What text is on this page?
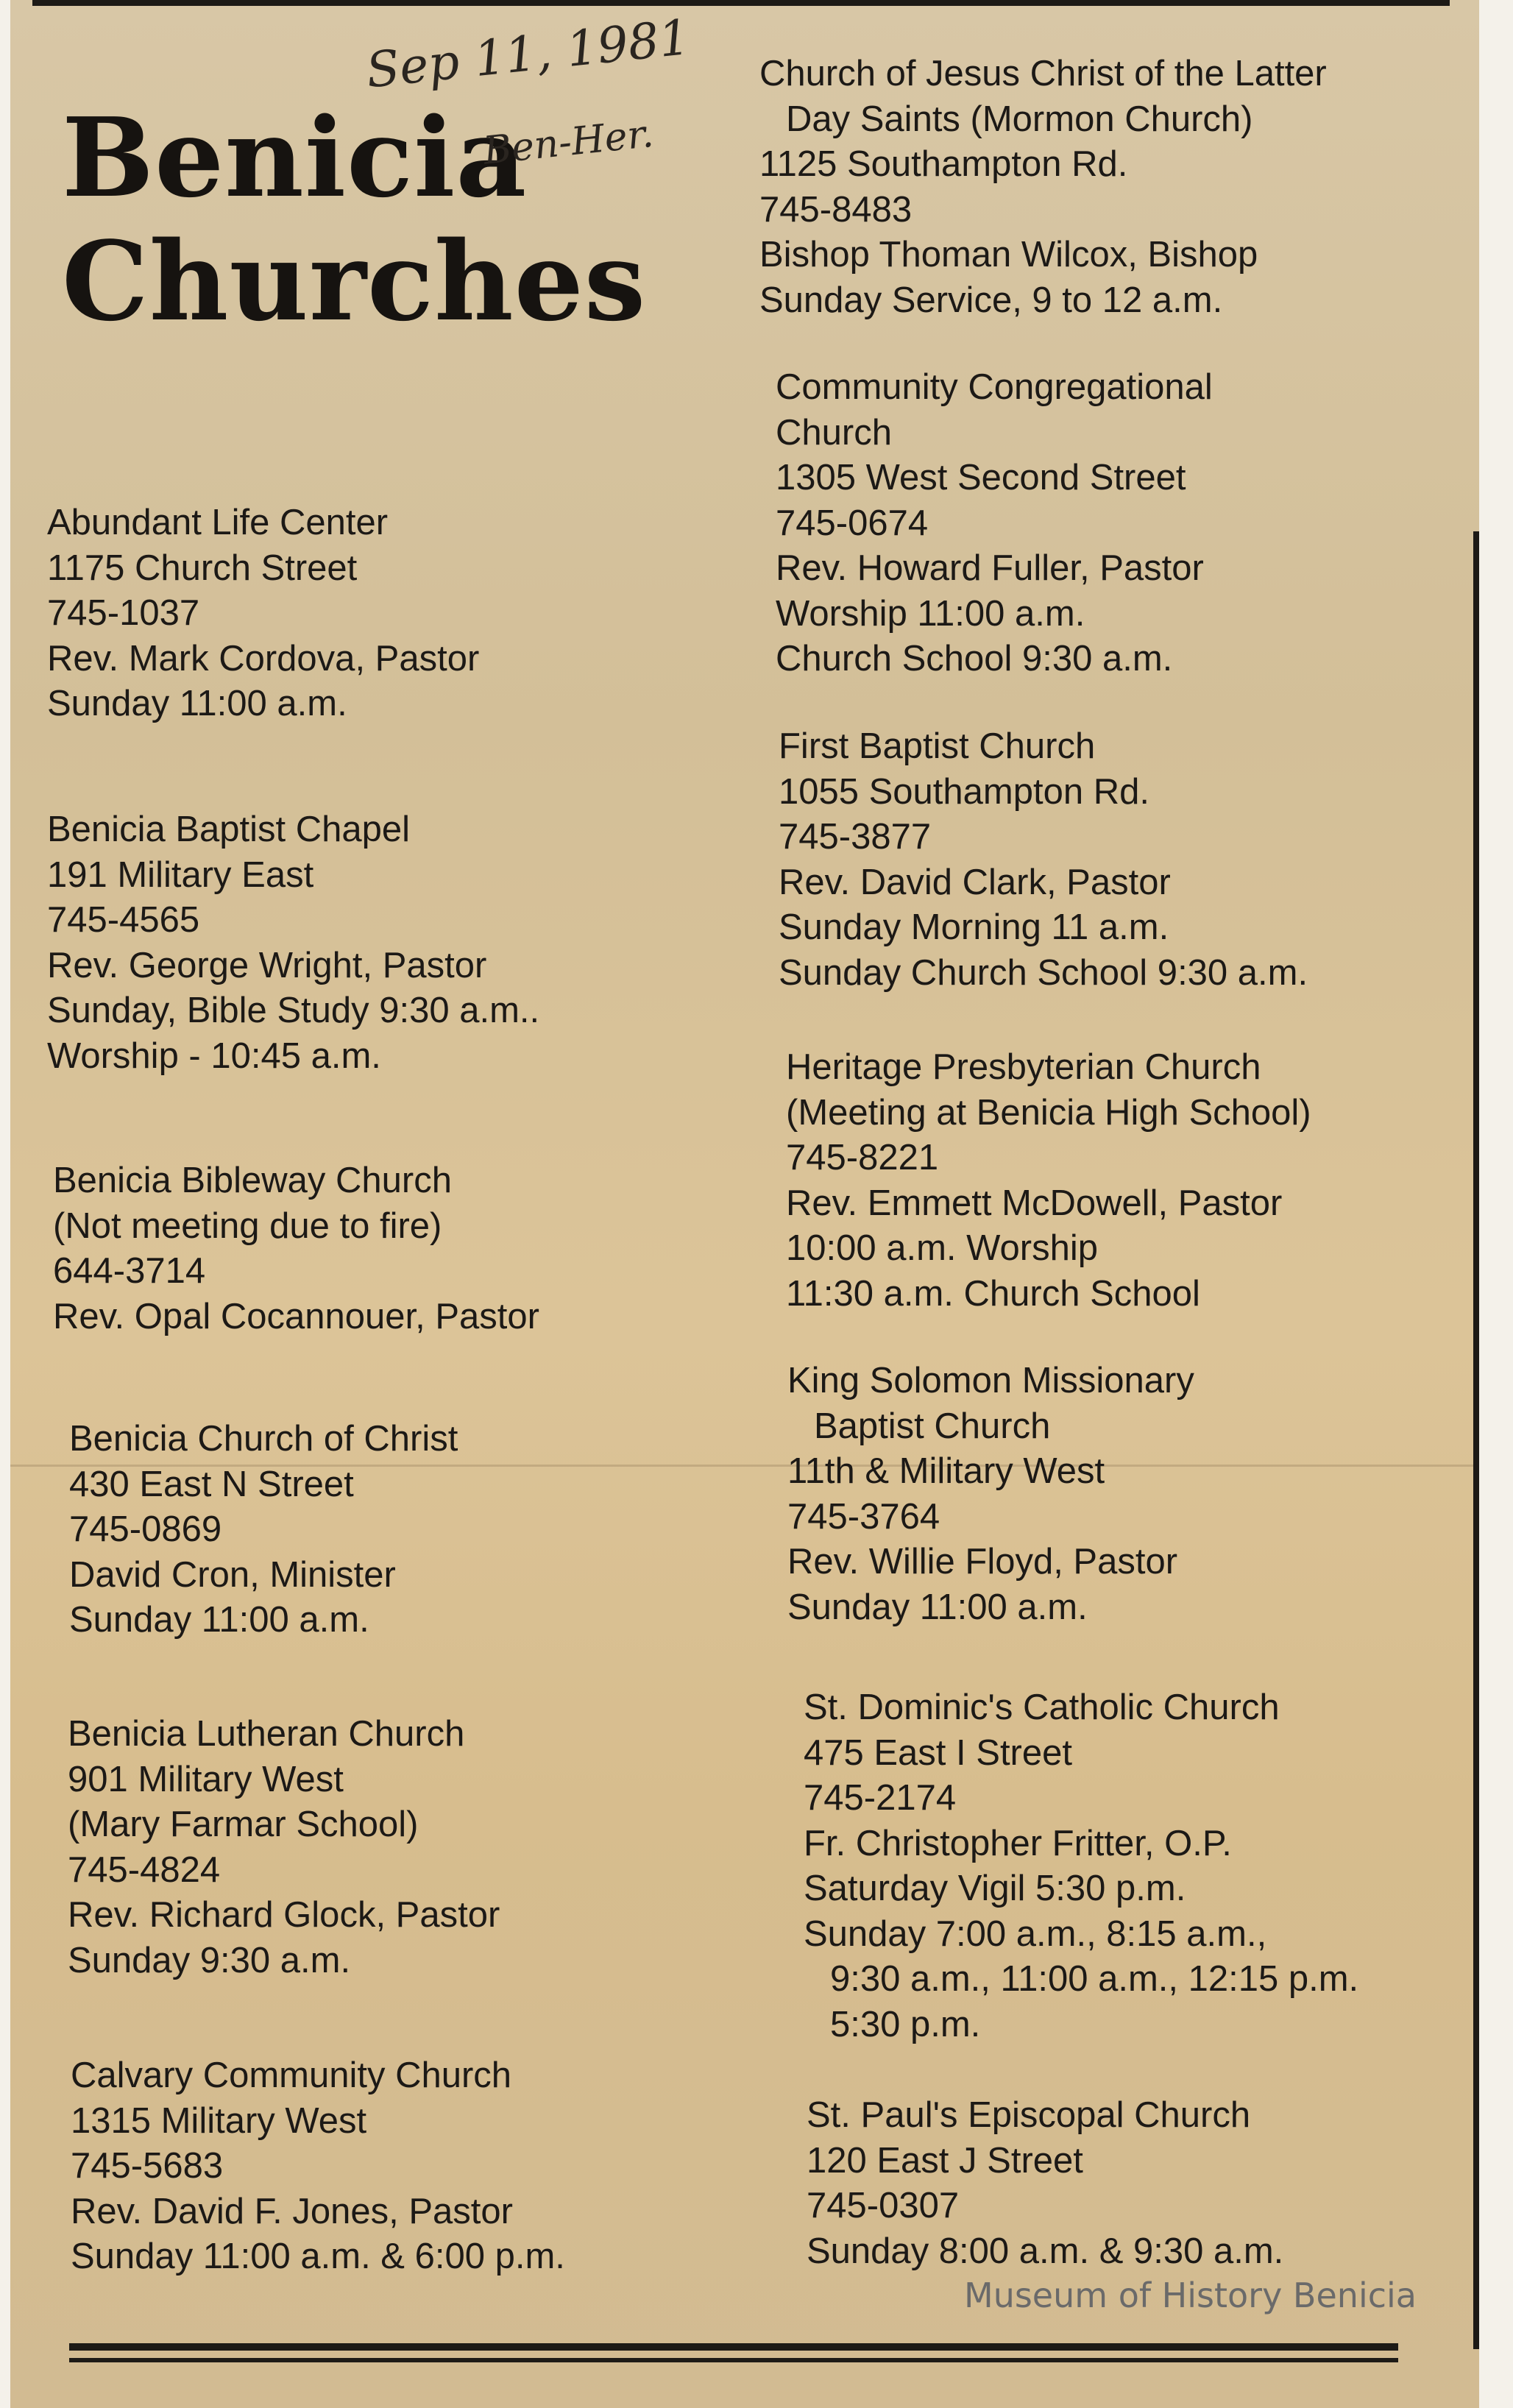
Benicia
Churches
Sep 11, 1981
Ben-Her.
Abundant Life Center
1175 Church Street
745-1037
Rev. Mark Cordova, Pastor
Sunday 11:00 a.m.
Benicia Baptist Chapel
191 Military East
745-4565
Rev. George Wright, Pastor
Sunday, Bible Study 9:30 a.m..
Worship - 10:45 a.m.
Benicia Bibleway Church
(Not meeting due to fire)
644-3714
Rev. Opal Cocannouer, Pastor
Benicia Church of Christ
430 East N Street
745-0869
David Cron, Minister
Sunday 11:00 a.m.
Benicia Lutheran Church
901 Military West
(Mary Farmar School)
745-4824
Rev. Richard Glock, Pastor
Sunday 9:30 a.m.
Calvary Community Church
1315 Military West
745-5683
Rev. David F. Jones, Pastor
Sunday 11:00 a.m. & 6:00 p.m.
Church of Jesus Christ of the Latter
Day Saints (Mormon Church)
1125 Southampton Rd.
745-8483
Bishop Thoman Wilcox, Bishop
Sunday Service, 9 to 12 a.m.
Community Congregational
Church
1305 West Second Street
745-0674
Rev. Howard Fuller, Pastor
Worship 11:00 a.m.
Church School 9:30 a.m.
First Baptist Church
1055 Southampton Rd.
745-3877
Rev. David Clark, Pastor
Sunday Morning 11 a.m.
Sunday Church School 9:30 a.m.
Heritage Presbyterian Church
(Meeting at Benicia High School)
745-8221
Rev. Emmett McDowell, Pastor
10:00 a.m. Worship
11:30 a.m. Church School
King Solomon Missionary
Baptist Church
11th & Military West
745-3764
Rev. Willie Floyd, Pastor
Sunday 11:00 a.m.
St. Dominic's Catholic Church
475 East I Street
745-2174
Fr. Christopher Fritter, O.P.
Saturday Vigil 5:30 p.m.
Sunday 7:00 a.m., 8:15 a.m.,
9:30 a.m., 11:00 a.m., 12:15 p.m.
5:30 p.m.
St. Paul's Episcopal Church
120 East J Street
745-0307
Sunday 8:00 a.m. & 9:30 a.m.
Museum of History Benicia
